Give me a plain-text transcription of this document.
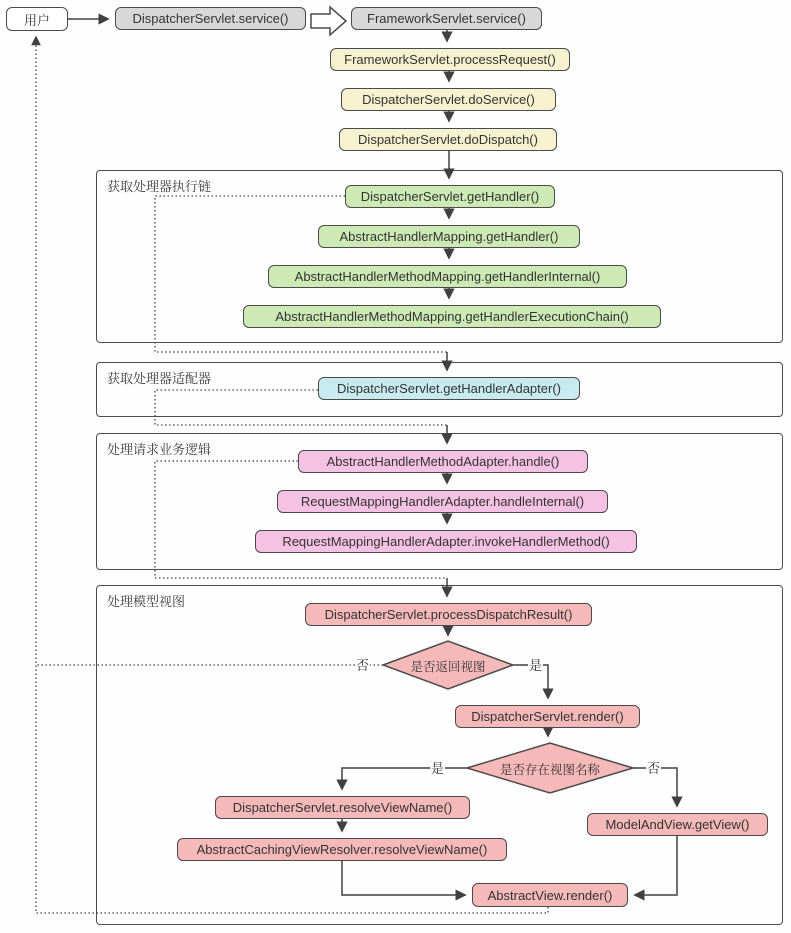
获取处理器执行链
获取处理器适配器
处理请求业务逻辑
处理模型视图
用户	DispatcherServlet.service()	FrameworkServlet.service()
FrameworkServlet.processRequest()
DispatcherServlet.doService()
DispatcherServlet.doDispatch()
DispatcherServlet.getHandler()
AbstractHandlerMapping.getHandler()
AbstractHandlerMethodMapping.getHandlerInternal()
AbstractHandlerMethodMapping.getHandlerExecutionChain()
DispatcherServlet.getHandlerAdapter()
AbstractHandlerMethodAdapter.handle()
RequestMappingHandlerAdapter.handleInternal()
RequestMappingHandlerAdapter.invokeHandlerMethod()
DispatcherServlet.processDispatchResult()
DispatcherServlet.render()
DispatcherServlet.resolveViewName()
AbstractCachingViewResolver.resolveViewName()
ModelAndView.getView()
AbstractView.render()
是否返回视图
是否存在视图名称
否	是
是	否
